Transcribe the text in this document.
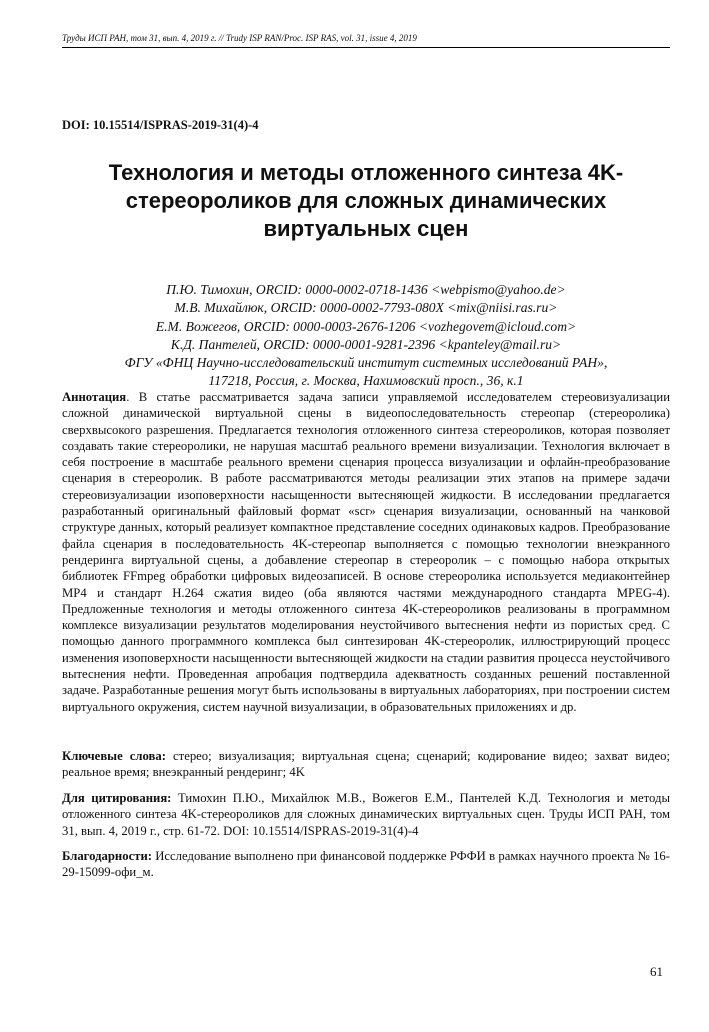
Труды ИСП РАН, том 31, вып. 4, 2019 г. // Trudy ISP RAN/Proc. ISP RAS, vol. 31, issue 4, 2019
DOI: 10.15514/ISPRAS-2019-31(4)-4
Технология и методы отложенного синтеза 4K-
стереороликов для сложных динамических
виртуальных сцен
П.Ю. Тимохин, ORCID: 0000-0002-0718-1436 <webpismo@yahoo.de>
М.В. Михайлюк, ORCID: 0000-0002-7793-080X <mix@niisi.ras.ru>
Е.М. Вожегов, ORCID: 0000-0003-2676-1206 <vozhegovem@icloud.com>
К.Д. Пантелей, ORCID: 0000-0001-9281-2396 <kpanteley@mail.ru>
ФГУ «ФНЦ Научно-исследовательский институт системных исследований РАН»,
117218, Россия, г. Москва, Нахимовский просп., 36, к.1

Аннотация. В статье рассматривается задача записи управляемой исследователем стереовизуализации сложной динамической виртуальной сцены в видеопоследовательность стереопар (стереоролика) сверхвысокого разрешения. Предлагается технология отложенного синтеза стереороликов, которая позволяет создавать такие стереоролики, не нарушая масштаб реального времени визуализации. Технология включает в себя построение в масштабе реального времени сценария процесса визуализации и офлайн-преобразование сценария в стереоролик. В работе рассматриваются методы реализации этих этапов на примере задачи стереовизуализации изоповерхности насыщенности вытесняющей жидкости. В исследовании предлагается разработанный оригинальный файловый формат «scr» сценария визуализации, основанный на чанковой структуре данных, который реализует компактное представление соседних одинаковых кадров. Преобразование файла сценария в последовательность 4K-стереопар выполняется с помощью технологии внеэкранного рендеринга виртуальной сцены, а добавление стереопар в стереоролик – с помощью набора открытых библиотек FFmpeg обработки цифровых видеозаписей. В основе стереоролика используется медиаконтейнер MP4 и стандарт H.264 сжатия видео (оба являются частями международного стандарта MPEG-4). Предложенные технология и методы отложенного синтеза 4K-стереороликов реализованы в программном комплексе визуализации результатов моделирования неустойчивого вытеснения нефти из пористых сред. С помощью данного программного комплекса был синтезирован 4K-стереоролик, иллюстрирующий процесс изменения изоповерхности насыщенности вытесняющей жидкости на стадии развития процесса неустойчивого вытеснения нефти. Проведенная апробация подтвердила адекватность созданных решений поставленной задаче. Разработанные решения могут быть использованы в виртуальных лабораториях, при построении систем виртуального окружения, систем научной визуализации, в образовательных приложениях и др.

Ключевые слова: стерео; визуализация; виртуальная сцена; сценарий; кодирование видео; захват видео; реальное время; внеэкранный рендеринг; 4K

Для цитирования: Тимохин П.Ю., Михайлюк М.В., Вожегов Е.М., Пантелей К.Д. Технология и методы отложенного синтеза 4K-стереороликов для сложных динамических виртуальных сцен. Труды ИСП РАН, том 31, вып. 4, 2019 г., стр. 61-72. DOI: 10.15514/ISPRAS-2019-31(4)-4

Благодарности: Исследование выполнено при финансовой поддержке РФФИ в рамках научного проекта № 16-29-15099-офи_м.

61
